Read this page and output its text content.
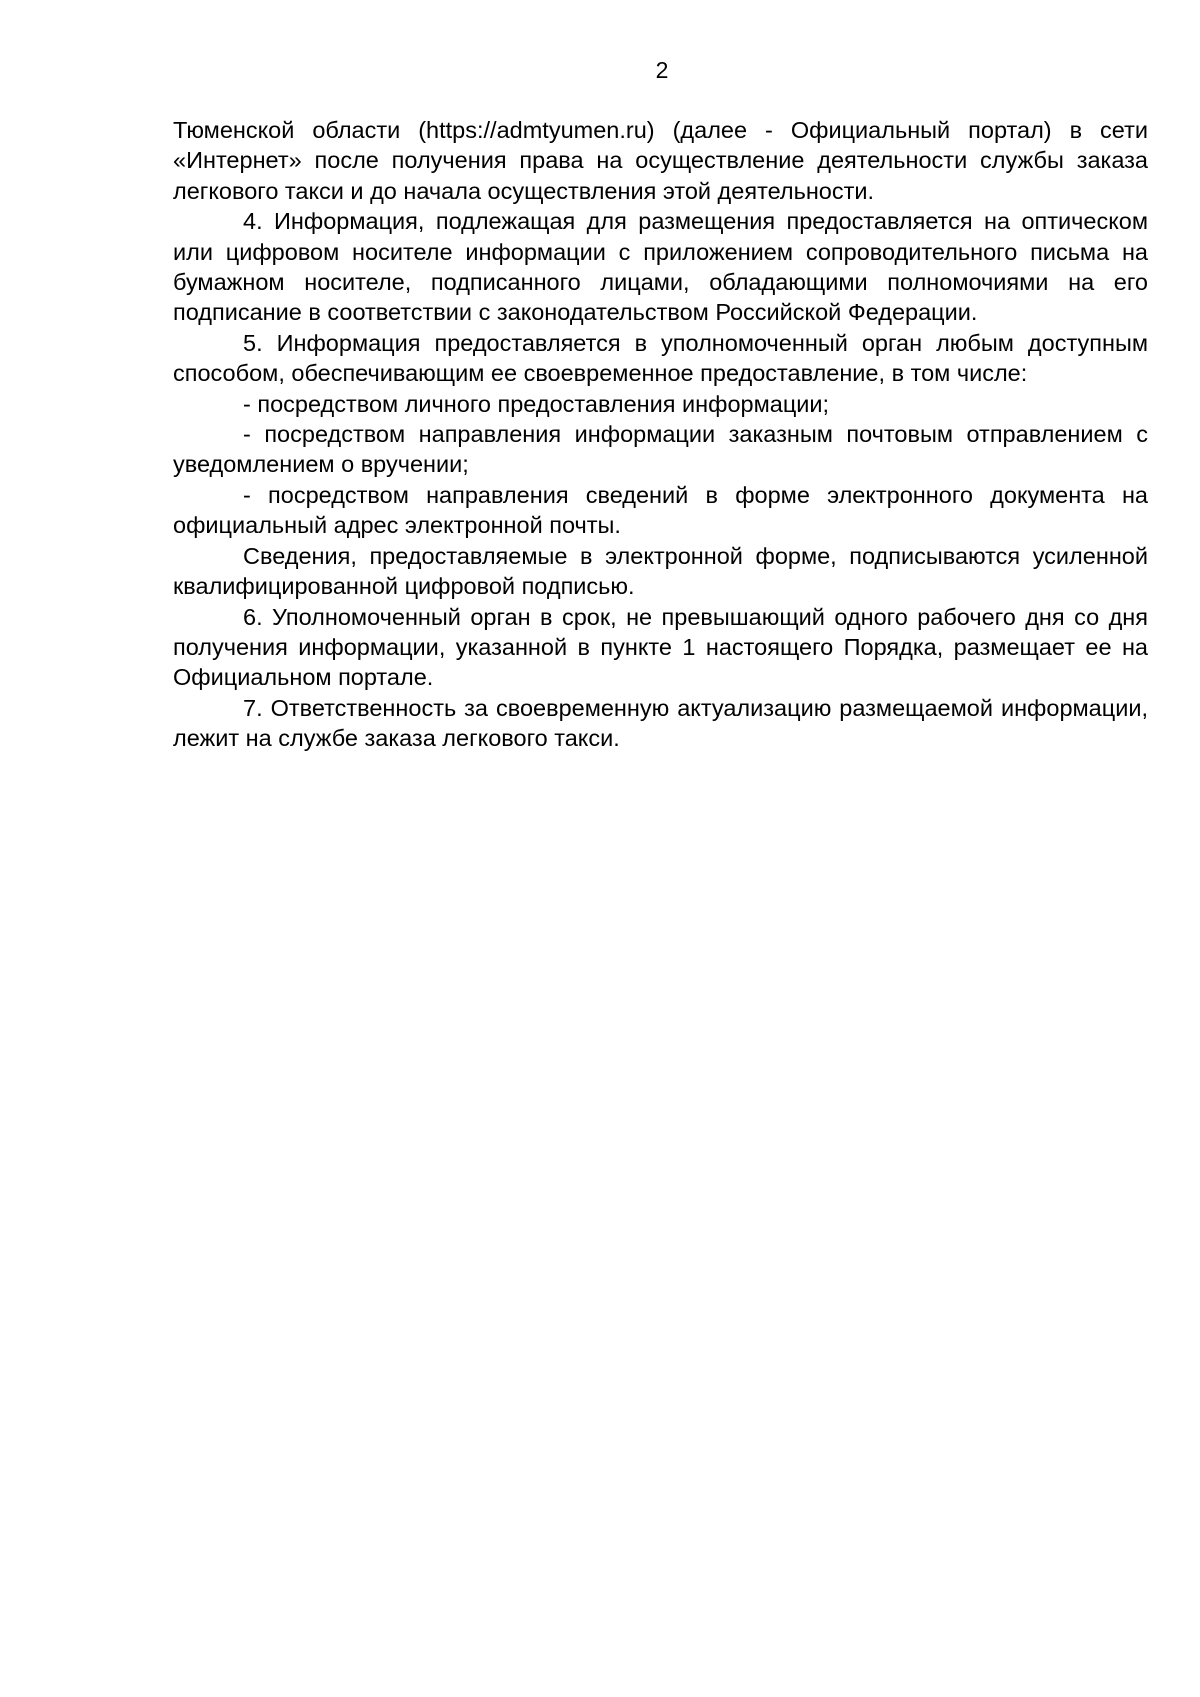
2

Тюменской области (https://admtyumen.ru) (далее - Официальный портал) в сети «Интернет» после получения права на осуществление деятельности службы заказа легкового такси и до начала осуществления этой деятельности.

4. Информация, подлежащая для размещения предоставляется на оптическом или цифровом носителе информации с приложением сопроводительного письма на бумажном носителе, подписанного лицами, обладающими полномочиями на его подписание в соответствии с законодательством Российской Федерации.

5. Информация предоставляется в уполномоченный орган любым доступным способом, обеспечивающим ее своевременное предоставление, в том числе:

- посредством личного предоставления информации;

- посредством направления информации заказным почтовым отправлением с уведомлением о вручении;

- посредством направления сведений в форме электронного документа на официальный адрес электронной почты.

Сведения, предоставляемые в электронной форме, подписываются усиленной квалифицированной цифровой подписью.

6. Уполномоченный орган в срок, не превышающий одного рабочего дня со дня получения информации, указанной в пункте 1 настоящего Порядка, размещает ее на Официальном портале.

7. Ответственность за своевременную актуализацию размещаемой информации, лежит на службе заказа легкового такси.
